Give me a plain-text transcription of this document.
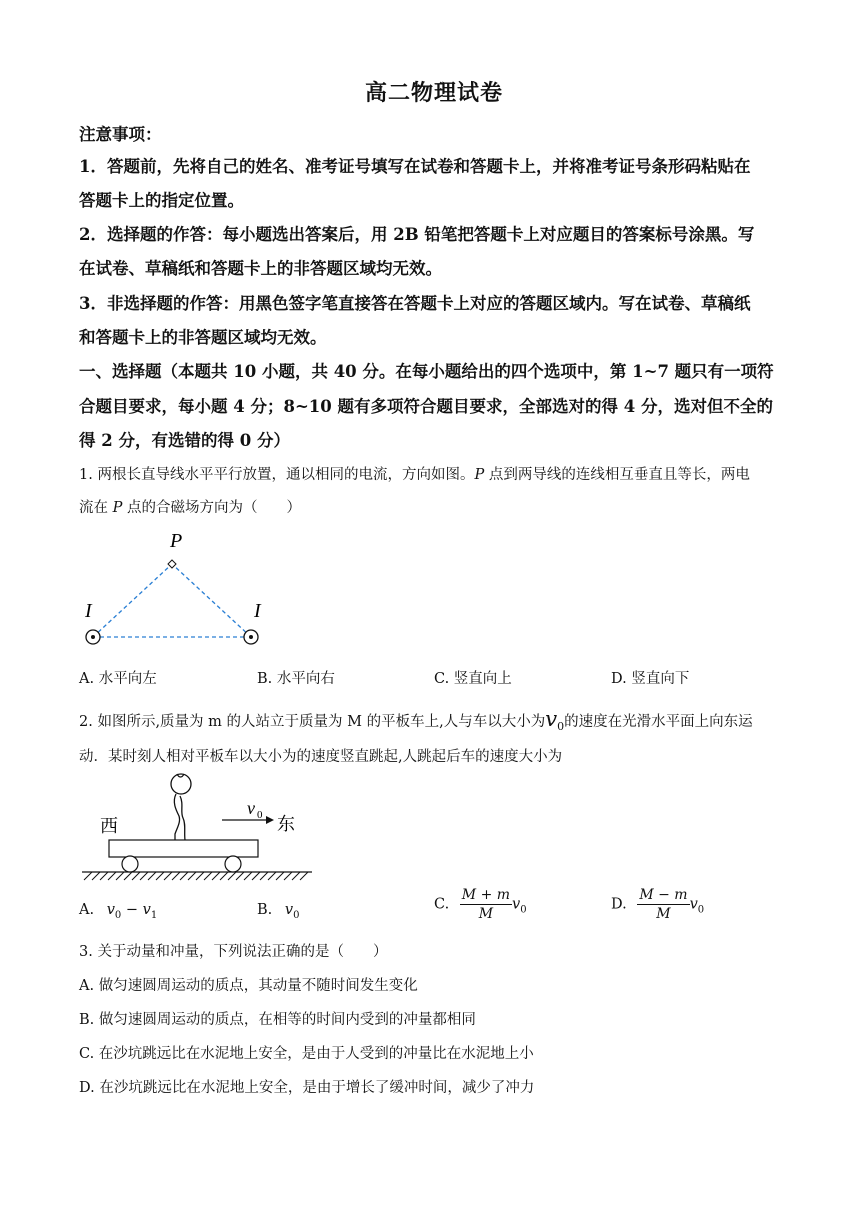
高二物理试卷
注意事项：
1．答题前，先将自己的姓名、准考证号填写在试卷和答题卡上，并将准考证号条形码粘贴在
答题卡上的指定位置。
2．选择题的作答：每小题选出答案后，用 2B 铅笔把答题卡上对应题目的答案标号涂黑。写
在试卷、草稿纸和答题卡上的非答题区域均无效。
3．非选择题的作答：用黑色签字笔直接答在答题卡上对应的答题区域内。写在试卷、草稿纸
和答题卡上的非答题区域均无效。
一、选择题（本题共 10 小题，共 40 分。在每小题给出的四个选项中，第 1~7 题只有一项符
合题目要求，每小题 4 分；8~10 题有多项符合题目要求，全部选对的得 4 分，选对但不全的
得 2 分，有选错的得 0 分）
1. 两根长直导线水平平行放置，通以相同的电流，方向如图。P 点到两导线的连线相互垂直且等长，两电
流在 P 点的合磁场方向为（　　）
P
I	I
A. 水平向左	B. 水平向右	C. 竖直向上	D. 竖直向下
2. 如图所示,质量为 m 的人站立于质量为 M 的平板车上,人与车以大小为$v_0$的速度在光滑水平面上向东运
动．某时刻人相对平板车以大小为的速度竖直跳起,人跳起后车的速度大小为
v 0
西	东
A. $v_0 - v_1$	B. $v_0$
C. $\frac{M + m}{M} v_0$	D. $\frac{M - m}{M} v_0$
3. 关于动量和冲量，下列说法正确的是（　　）
A. 做匀速圆周运动的质点，其动量不随时间发生变化
B. 做匀速圆周运动的质点，在相等的时间内受到的冲量都相同
C. 在沙坑跳远比在水泥地上安全，是由于人受到的冲量比在水泥地上小
D. 在沙坑跳远比在水泥地上安全，是由于增长了缓冲时间，减少了冲力
